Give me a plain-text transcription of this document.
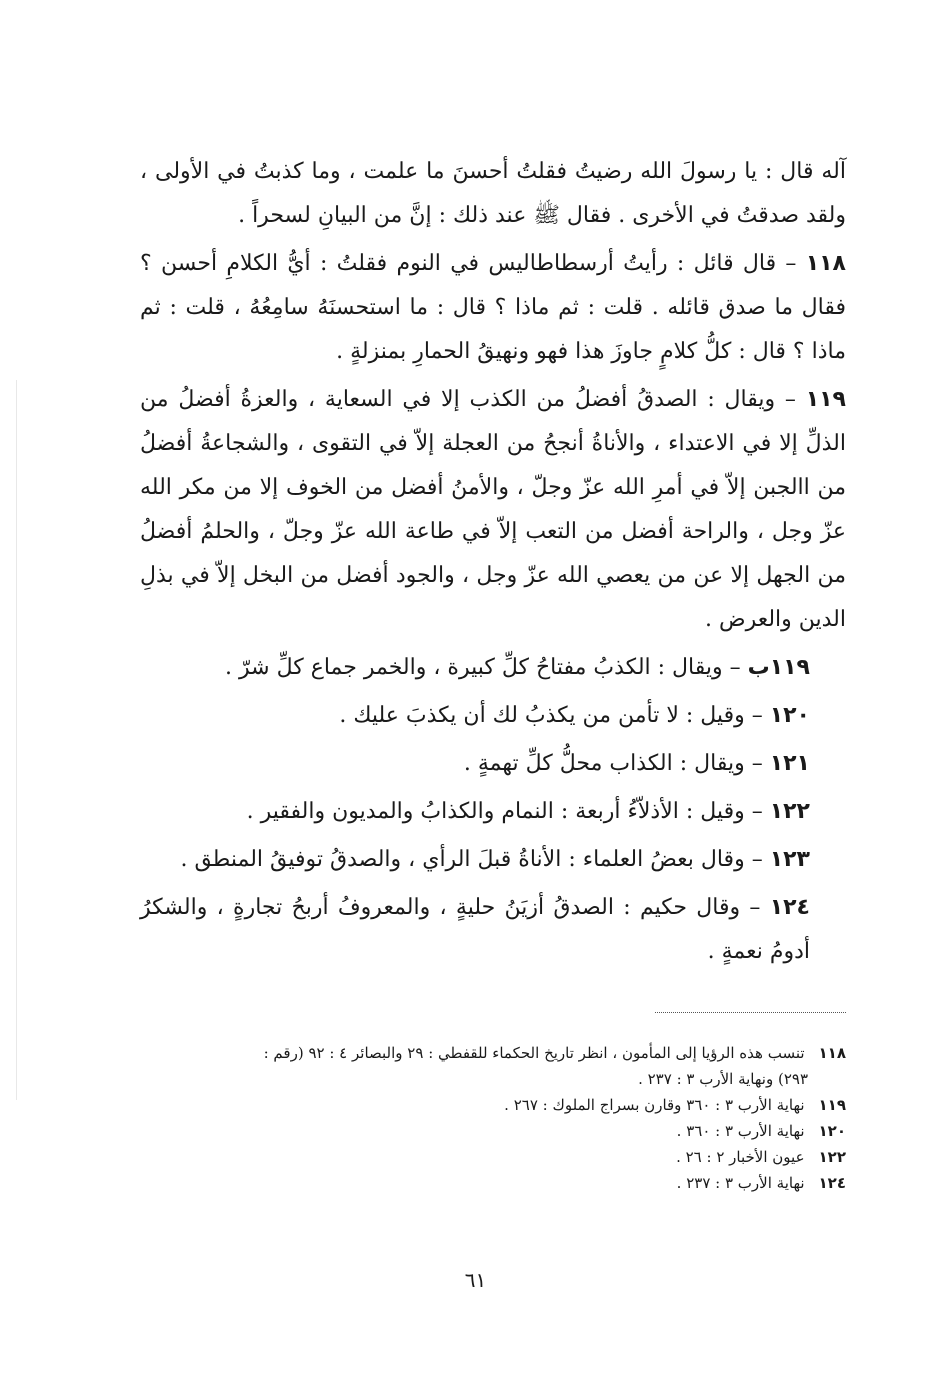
آله قال : يا رسولَ الله رضيتُ فقلتُ أحسنَ ما علمت ، وما كذبتُ في الأولى ، ولقد صدقتُ في الأخرى . فقال ﷺ عند ذلك : إنَّ من البيانِ لسحراً .

١١٨ – قال قائل : رأيتُ أرسطاطاليس في النوم فقلتُ : أيُّ الكلامِ أحسن ؟ فقال ما صدق قائله . قلت : ثم ماذا ؟ قال : ما استحسنَهُ سامِعُهُ ، قلت : ثم ماذا ؟ قال : كلُّ كلامٍ جاوزَ هذا فهو ونهيقُ الحمارِ بمنزلةٍ .

١١٩ – ويقال : الصدقُ أفضلُ من الكذب إلا في السعاية ، والعزةُ أفضلُ من الذلِّ إلا في الاعتداء ، والأناةُ أنجحُ من العجلة إلاّ في التقوى ، والشجاعةُ أفضلُ من االجبن إلاّ في أمرِ الله عزّ وجلّ ، والأمنُ أفضل من الخوف إلا من مكر الله عزّ وجل ، والراحة أفضل من التعب إلاّ في طاعة الله عزّ وجلّ ، والحلمُ أفضلُ من الجهل إلا عن من يعصي الله عزّ وجل ، والجود أفضل من البخل إلاّ في بذلِ الدين والعرض .

١١٩ب – ويقال : الكذبُ مفتاحُ كلِّ كبيرة ، والخمر جماع كلِّ شرّ .

١٢٠ – وقيل : لا تأمن من يكذبُ لك أن يكذبَ عليك .

١٢١ – ويقال : الكذاب محلُّ كلِّ تهمةٍ .

١٢٢ – وقيل : الأذلاّءُ أربعة : النمام والكذابُ والمديون والفقير .

١٢٣ – وقال بعضُ العلماء : الأناةُ قبلَ الرأي ، والصدقُ توفيقُ المنطق .

١٢٤ – وقال حكيم : الصدقُ أزيَنُ حليةٍ ، والمعروفُ أربحُ تجارةٍ ، والشكرُ أدومُ نعمةٍ .

١١٨تنسب هذه الرؤيا إلى المأمون ، انظر تاريخ الحكماء للقفطي : ٢٩ والبصائر ٤ : ٩٢ (رقم :

٢٩٣) ونهاية الأرب ٣ : ٢٣٧ .

١١٩نهاية الأرب ٣ : ٣٦٠ وقارن بسراج الملوك : ٢٦٧ .

١٢٠نهاية الأرب ٣ : ٣٦٠ .

١٢٢عيون الأخبار ٢ : ٢٦ .

١٢٤نهاية الأرب ٣ : ٢٣٧ .

٦١
